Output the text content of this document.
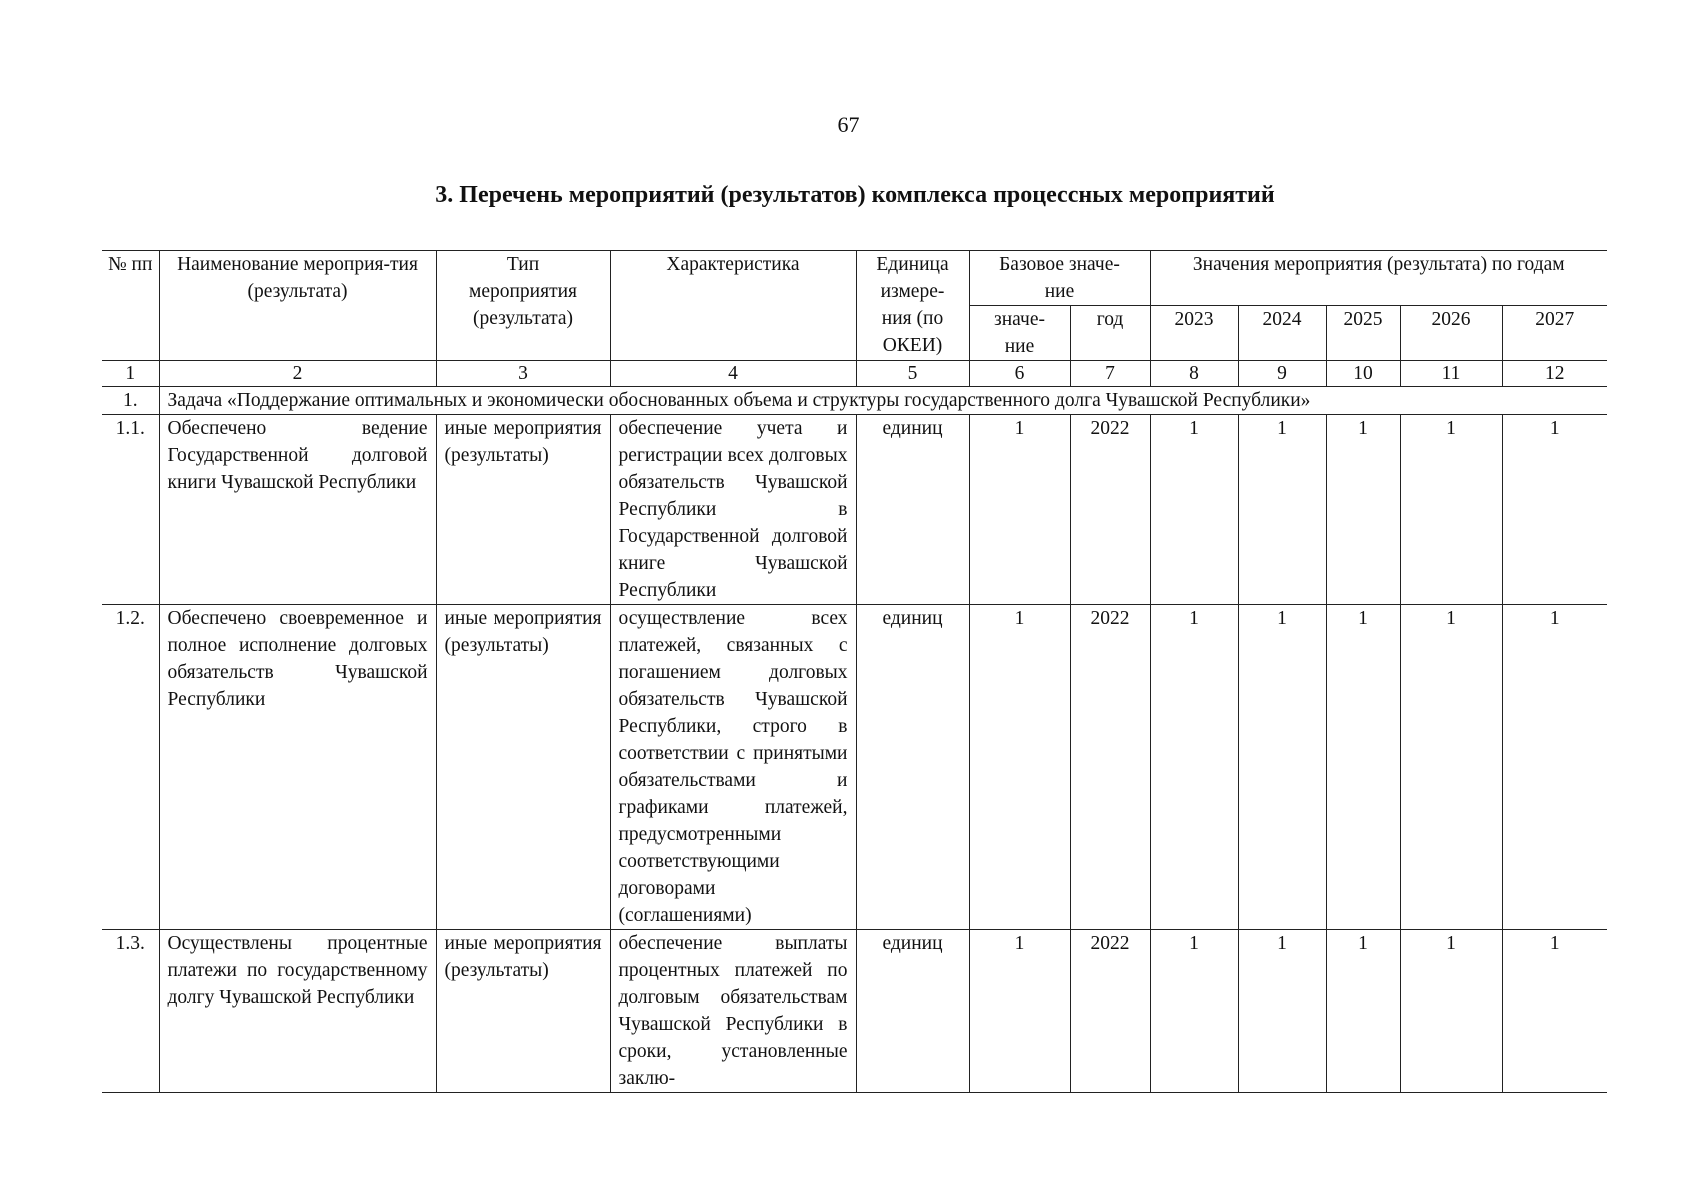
67
3. Перечень мероприятий (результатов) комплекса процессных мероприятий
№ пп	Наименование мероприя-тия (результата)	Тип мероприятия (результата)	Характеристика	Единица измере-ния (по ОКЕИ)	Базовое значе-ние		Значения мероприятия (результата) по годам				
					значе-ние	год	2023	2024	2025	2026	2027
1	2	3	4	5	6	7	8	9	10	11	12
1.	Задача «Поддержание оптимальных и экономически обоснованных объема и структуры государственного долга Чувашской Республики»										
1.1.	Обеспечено ведение Государственной долговой книги Чувашской Республики	иные мероприятия (результаты)	обеспечение учета и регистрации всех долговых обязательств Чувашской Республики в Государственной долговой книге Чувашской Республики	единиц	1	2022	1	1	1	1	1
1.2.	Обеспечено своевременное и полное исполнение долговых обязательств Чувашской Республики	иные мероприятия (результаты)	осуществление всех платежей, связанных с погашением долговых обязательств Чувашской Республики, строго в соответствии с принятыми обязательствами и графиками платежей, предусмотренными соответствующими договорами (соглашениями)	единиц	1	2022	1	1	1	1	1
1.3.	Осуществлены процентные платежи по государственному долгу Чувашской Республики	иные мероприятия (результаты)	обеспечение выплаты процентных платежей по долговым обязательствам Чувашской Республики в сроки, установленные заклю-	единиц	1	2022	1	1	1	1	1
